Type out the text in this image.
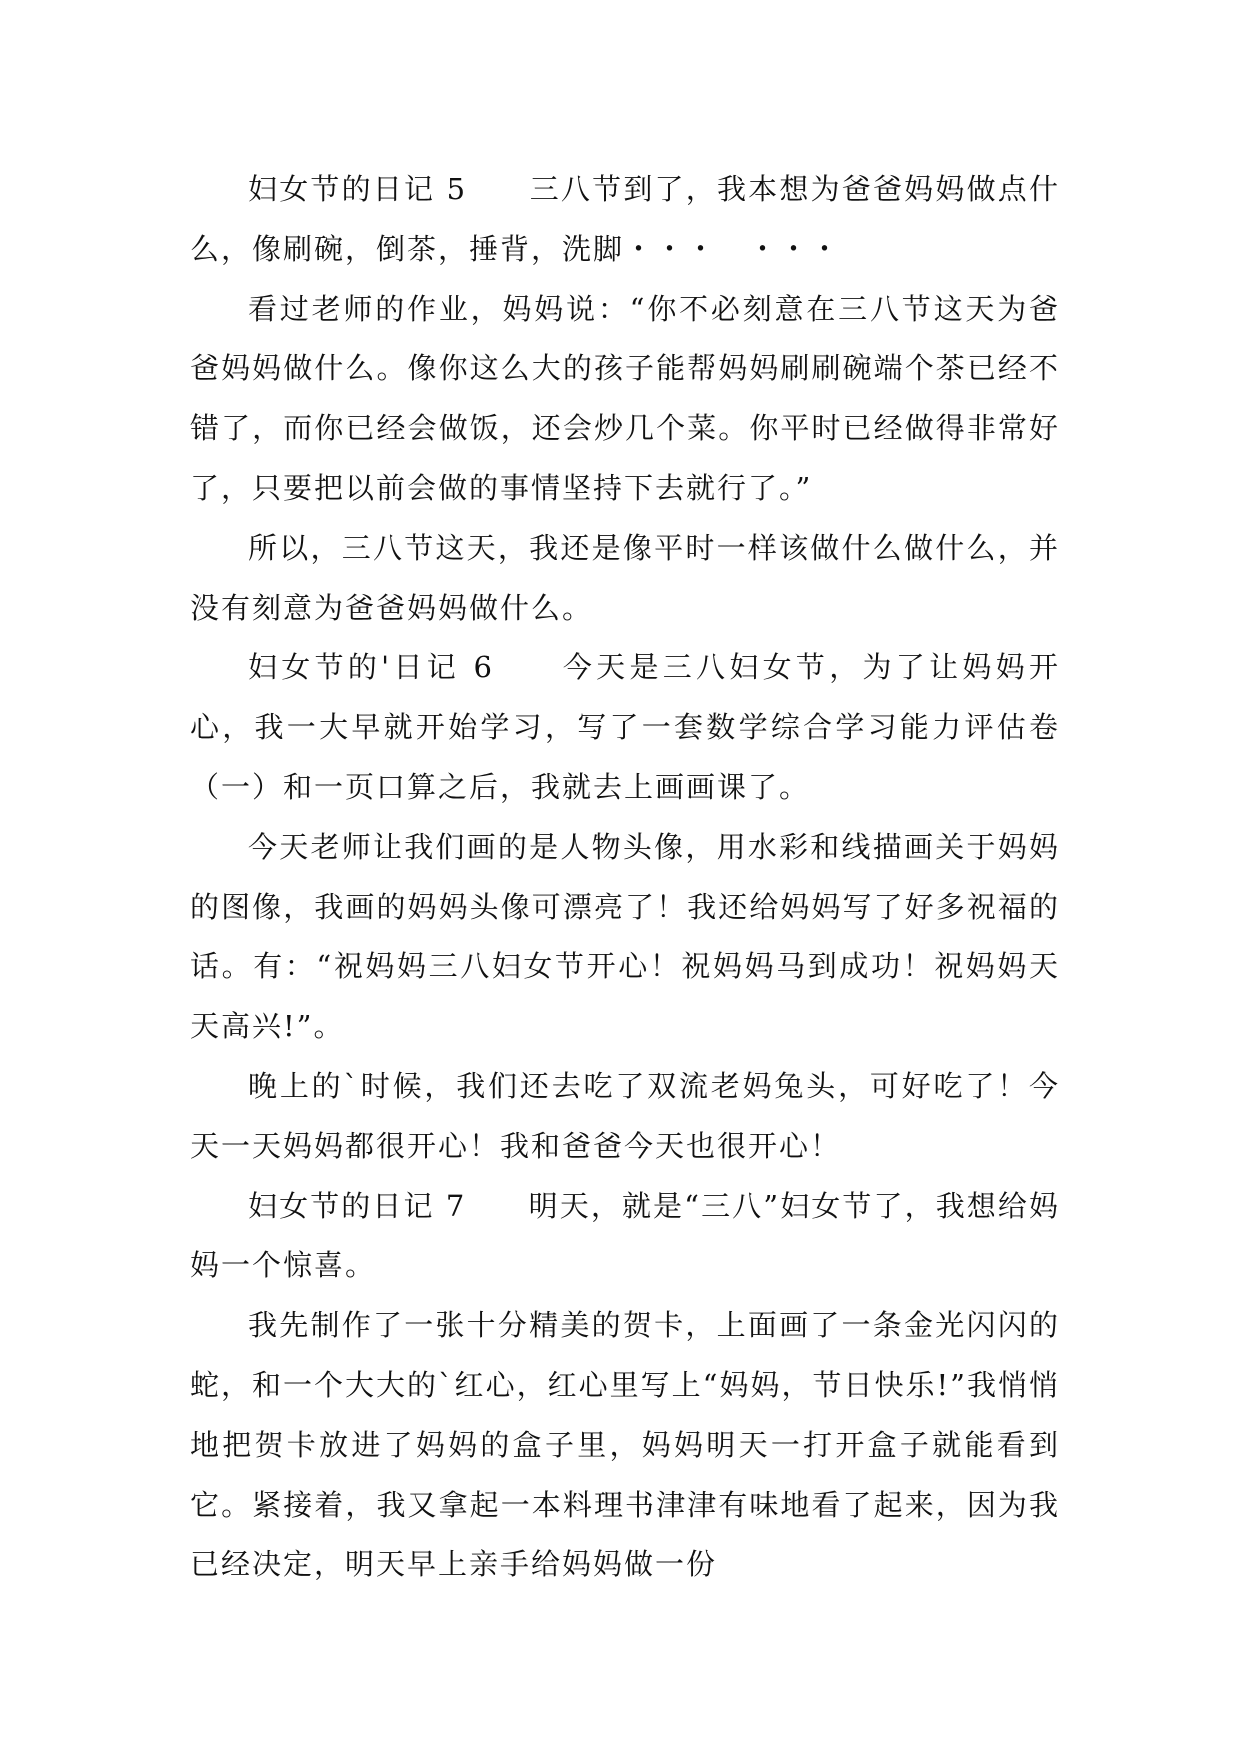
妇女节的日记 5　　三八节到了，我本想为爸爸妈妈做点什么，像刷碗，倒茶，捶背，洗脚・・・　・・・

看过老师的作业，妈妈说：“你不必刻意在三八节这天为爸爸妈妈做什么。像你这么大的孩子能帮妈妈刷刷碗端个茶已经不错了，而你已经会做饭，还会炒几个菜。你平时已经做得非常好了，只要把以前会做的事情坚持下去就行了。”

所以，三八节这天，我还是像平时一样该做什么做什么，并没有刻意为爸爸妈妈做什么。

妇女节的'日记 6　　今天是三八妇女节，为了让妈妈开心，我一大早就开始学习，写了一套数学综合学习能力评估卷（一）和一页口算之后，我就去上画画课了。

今天老师让我们画的是人物头像，用水彩和线描画关于妈妈的图像，我画的妈妈头像可漂亮了！我还给妈妈写了好多祝福的话。有：“祝妈妈三八妇女节开心！祝妈妈马到成功！祝妈妈天天高兴!”。

晚上的`时候，我们还去吃了双流老妈兔头，可好吃了！今天一天妈妈都很开心！我和爸爸今天也很开心！

妇女节的日记 7　　明天，就是“三八”妇女节了，我想给妈妈一个惊喜。

我先制作了一张十分精美的贺卡，上面画了一条金光闪闪的蛇，和一个大大的`红心，红心里写上“妈妈，节日快乐!”我悄悄地把贺卡放进了妈妈的盒子里，妈妈明天一打开盒子就能看到它。紧接着，我又拿起一本料理书津津有味地看了起来，因为我已经决定，明天早上亲手给妈妈做一份
